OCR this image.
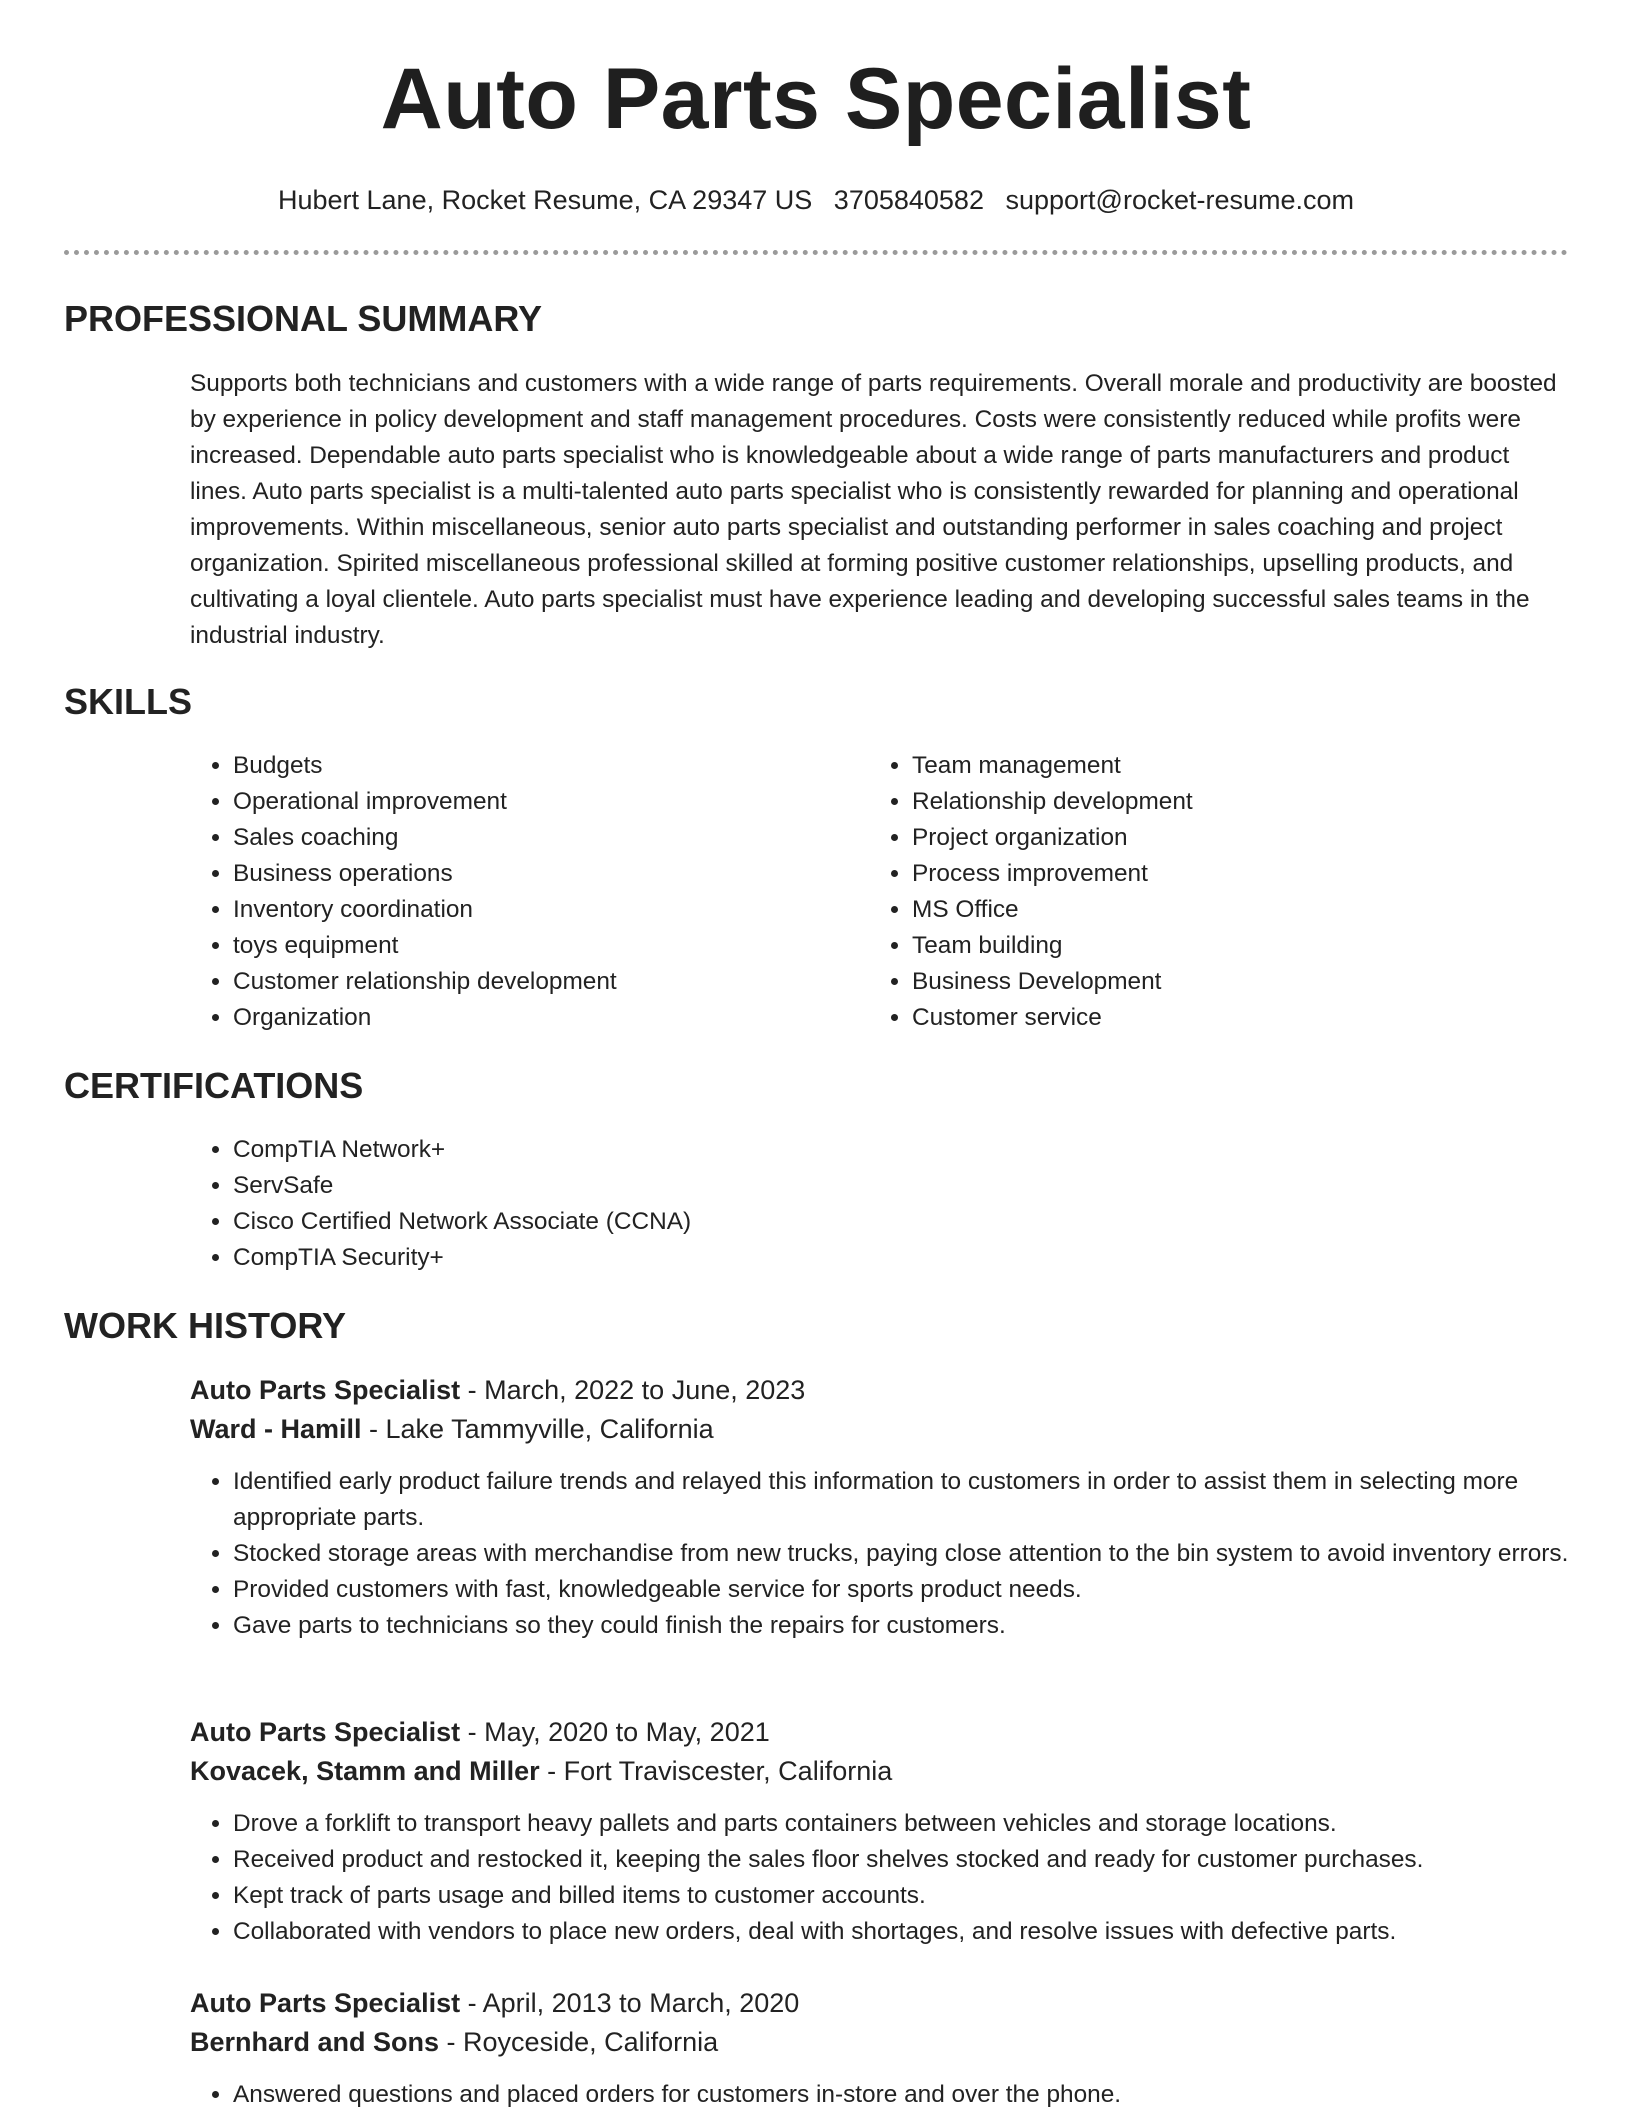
Auto Parts Specialist
Hubert Lane, Rocket Resume, CA 29347 US 3705840582 support@rocket-resume.com
PROFESSIONAL SUMMARY

Supports both technicians and customers with a wide range of parts requirements. Overall morale and productivity are boosted by experience in policy development and staff management procedures. Costs were consistently reduced while profits were increased. Dependable auto parts specialist who is knowledgeable about a wide range of parts manufacturers and product lines. Auto parts specialist is a multi-talented auto parts specialist who is consistently rewarded for planning and operational improvements. Within miscellaneous, senior auto parts specialist and outstanding performer in sales coaching and project organization. Spirited miscellaneous professional skilled at forming positive customer relationships, upselling products, and cultivating a loyal clientele. Auto parts specialist must have experience leading and developing successful sales teams in the industrial industry.

SKILLS
• Budgets
• Operational improvement
• Sales coaching
• Business operations
• Inventory coordination
• toys equipment
• Customer relationship development
• Organization
• Team management
• Relationship development
• Project organization
• Process improvement
• MS Office
• Team building
• Business Development
• Customer service
CERTIFICATIONS
• CompTIA Network+
• ServSafe
• Cisco Certified Network Associate (CCNA)
• CompTIA Security+
WORK HISTORY
Auto Parts Specialist - March, 2022 to June, 2023
Ward - Hamill - Lake Tammyville, California
• Identified early product failure trends and relayed this information to customers in order to assist them in selecting more appropriate parts.
• Stocked storage areas with merchandise from new trucks, paying close attention to the bin system to avoid inventory errors.
• Provided customers with fast, knowledgeable service for sports product needs.
• Gave parts to technicians so they could finish the repairs for customers.
Auto Parts Specialist - May, 2020 to May, 2021
Kovacek, Stamm and Miller - Fort Traviscester, California
• Drove a forklift to transport heavy pallets and parts containers between vehicles and storage locations.
• Received product and restocked it, keeping the sales floor shelves stocked and ready for customer purchases.
• Kept track of parts usage and billed items to customer accounts.
• Collaborated with vendors to place new orders, deal with shortages, and resolve issues with defective parts.
Auto Parts Specialist - April, 2013 to March, 2020
Bernhard and Sons - Royceside, California
• Answered questions and placed orders for customers in-store and over the phone.
